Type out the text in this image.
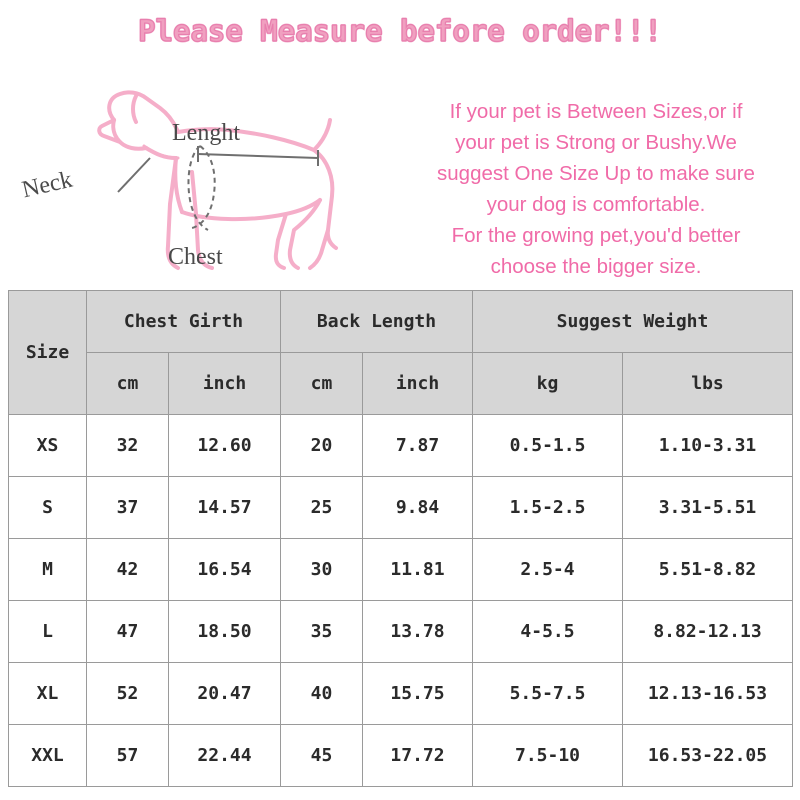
Please Measure before order!!!
Lenght
Neck
Chest
If your pet is Between Sizes,or if
your pet is Strong or Bushy.We
suggest One Size Up to make sure
your dog is comfortable.
For the growing pet,you'd better
choose the bigger size.
Size	Chest Girth		Back Length		Suggest Weight	
	cm	inch	cm	inch	kg	lbs
XS	32	12.60	20	7.87	0.5-1.5	1.10-3.31
S	37	14.57	25	9.84	1.5-2.5	3.31-5.51
M	42	16.54	30	11.81	2.5-4	5.51-8.82
L	47	18.50	35	13.78	4-5.5	8.82-12.13
XL	52	20.47	40	15.75	5.5-7.5	12.13-16.53
XXL	57	22.44	45	17.72	7.5-10	16.53-22.05
